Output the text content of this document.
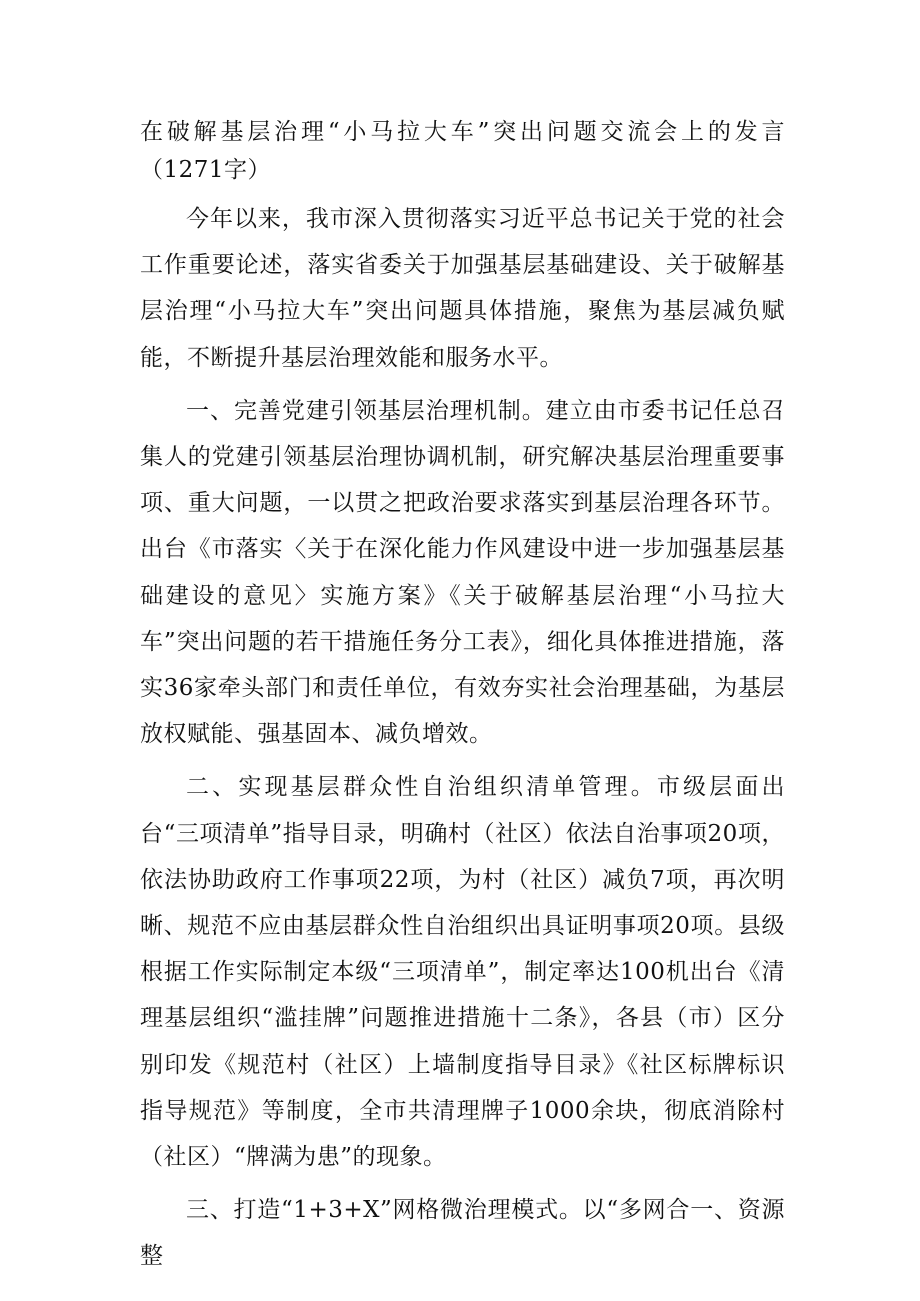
在破解基层治理“小马拉大车”突出问题交流会上的发言（1271字）

今年以来，我市深入贯彻落实习近平总书记关于党的社会工作重要论述，落实省委关于加强基层基础建设、关于破解基层治理“小马拉大车”突出问题具体措施，聚焦为基层减负赋能，不断提升基层治理效能和服务水平。

一、完善党建引领基层治理机制。建立由市委书记任总召集人的党建引领基层治理协调机制，研究解决基层治理重要事项、重大问题，一以贯之把政治要求落实到基层治理各环节。出台《市落实〈关于在深化能力作风建设中进一步加强基层基础建设的意见〉实施方案》《关于破解基层治理“小马拉大车”突出问题的若干措施任务分工表》，细化具体推进措施，落实36家牵头部门和责任单位，有效夯实社会治理基础，为基层放权赋能、强基固本、减负增效。

二、实现基层群众性自治组织清单管理。市级层面出台“三项清单”指导目录，明确村（社区）依法自治事项20项，依法协助政府工作事项22项，为村（社区）减负7项，再次明晰、规范不应由基层群众性自治组织出具证明事项20项。县级根据工作实际制定本级“三项清单”，制定率达100机出台《清理基层组织“滥挂牌”问题推进措施十二条》，各县（市）区分别印发《规范村（社区）上墙制度指导目录》《社区标牌标识指导规范》等制度，全市共清理牌子1000余块，彻底消除村（社区）“牌满为患”的现象。

三、打造“1+3+X”网格微治理模式。以“多网合一、资源整
